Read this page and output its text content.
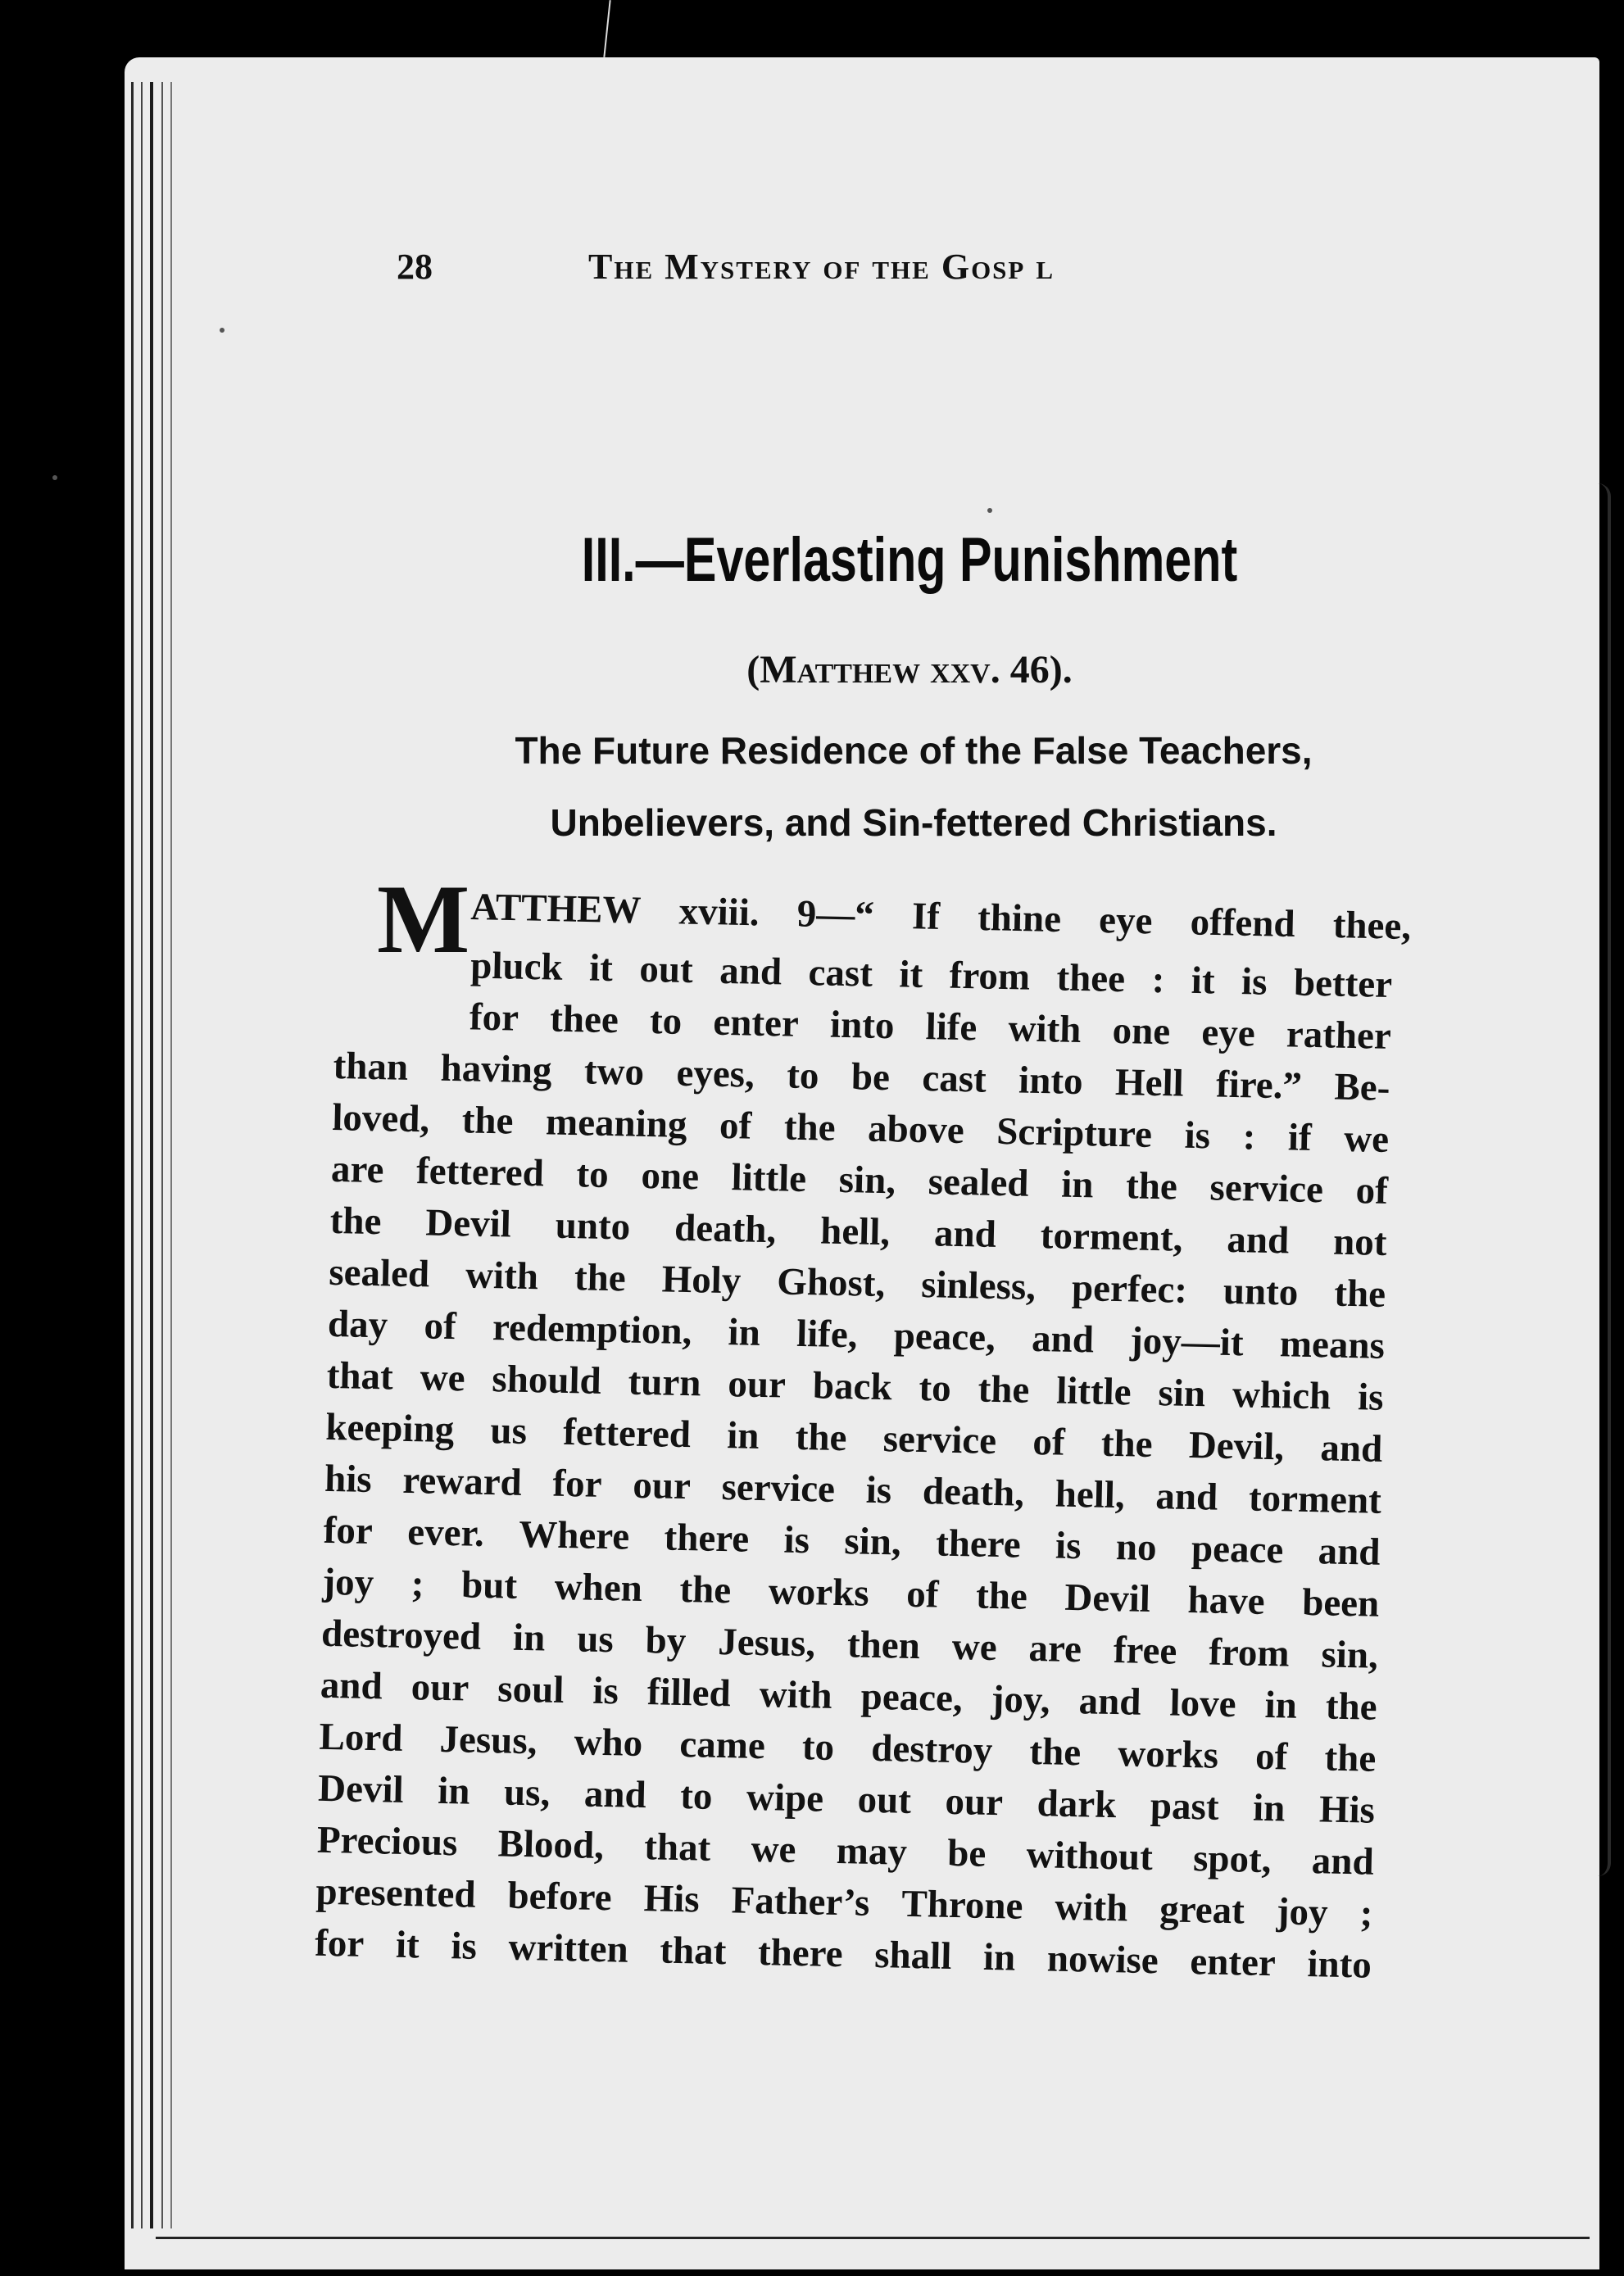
28	The Mystery of the Gosp l
III.—Everlasting Punishment
(Matthew xxv. 46).
The Future Residence of the False Teachers,
Unbelievers, and Sin-fettered Christians.
M ATTHEW xviii. 9—“ If thine eye offend thee,
pluck it out and cast it from thee : it is better
for thee to enter into life with one eye rather
than having two eyes, to be cast into Hell fire.” Be-
loved, the meaning of the above Scripture is : if we
are fettered to one little sin, sealed in the service of
the Devil unto death, hell, and torment, and not
sealed with the Holy Ghost, sinless, perfec: unto the
day of redemption, in life, peace, and joy—it means
that we should turn our back to the little sin which is
keeping us fettered in the service of the Devil, and
his reward for our service is death, hell, and torment
for ever. Where there is sin, there is no peace and
joy ; but when the works of the Devil have been
destroyed in us by Jesus, then we are free from sin,
and our soul is filled with peace, joy, and love in the
Lord Jesus, who came to destroy the works of the
Devil in us, and to wipe out our dark past in His
Precious Blood, that we may be without spot, and
presented before His Father’s Throne with great joy ;
for it is written that there shall in nowise enter into
